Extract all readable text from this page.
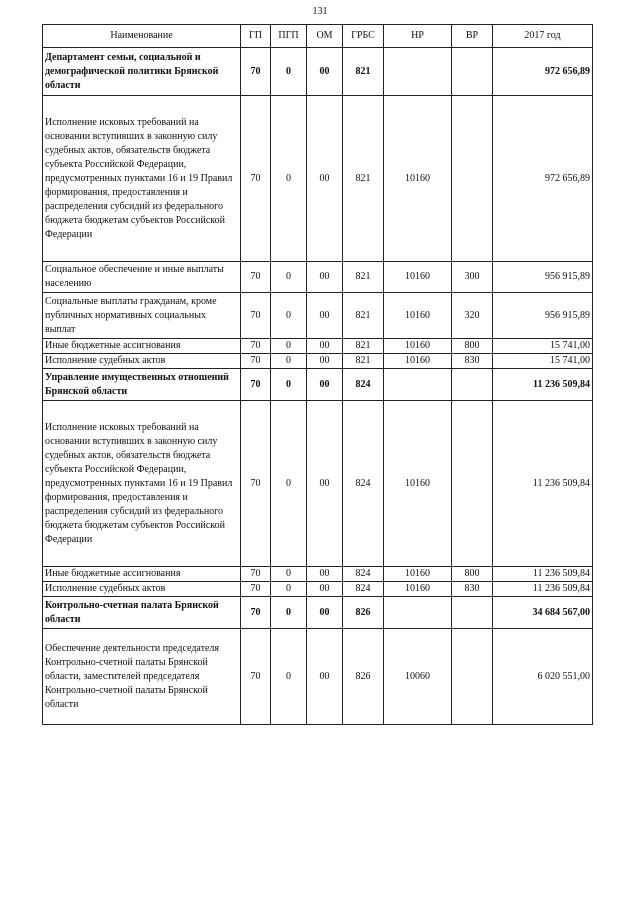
131
Наименование	ГП	ПГП	ОМ	ГРБС	НР	ВР	2017 год
Департамент семьи, социальной и демографической политики Брянской области	70	0	00	821			972 656,89
Исполнение исковых требований на основании вступивших в законную силу судебных актов, обязательств бюджета субъекта Российской Федерации, предусмотренных пунктами 16 и 19 Правил формирования, предоставления и распределения субсидий из федерального бюджета бюджетам субъектов Российской Федерации	70	0	00	821	10160		972 656,89
Социальное обеспечение и иные выплаты населению	70	0	00	821	10160	300	956 915,89
Социальные выплаты гражданам, кроме публичных нормативных социальных выплат	70	0	00	821	10160	320	956 915,89
Иные бюджетные ассигнования	70	0	00	821	10160	800	15 741,00
Исполнение судебных актов	70	0	00	821	10160	830	15 741,00
Управление имущественных отношений Брянской области	70	0	00	824			11 236 509,84
Исполнение исковых требований на основании вступивших в законную силу судебных актов, обязательств бюджета субъекта Российской Федерации, предусмотренных пунктами 16 и 19 Правил формирования, предоставления и распределения субсидий из федерального бюджета бюджетам субъектов Российской Федерации	70	0	00	824	10160		11 236 509,84
Иные бюджетные ассигнования	70	0	00	824	10160	800	11 236 509,84
Исполнение судебных актов	70	0	00	824	10160	830	11 236 509,84
Контрольно-счетная палата Брянской области	70	0	00	826			34 684 567,00
Обеспечение деятельности председателя Контрольно-счетной палаты Брянской области, заместителей председателя Контрольно-счетной палаты Брянской области	70	0	00	826	10060		6 020 551,00
